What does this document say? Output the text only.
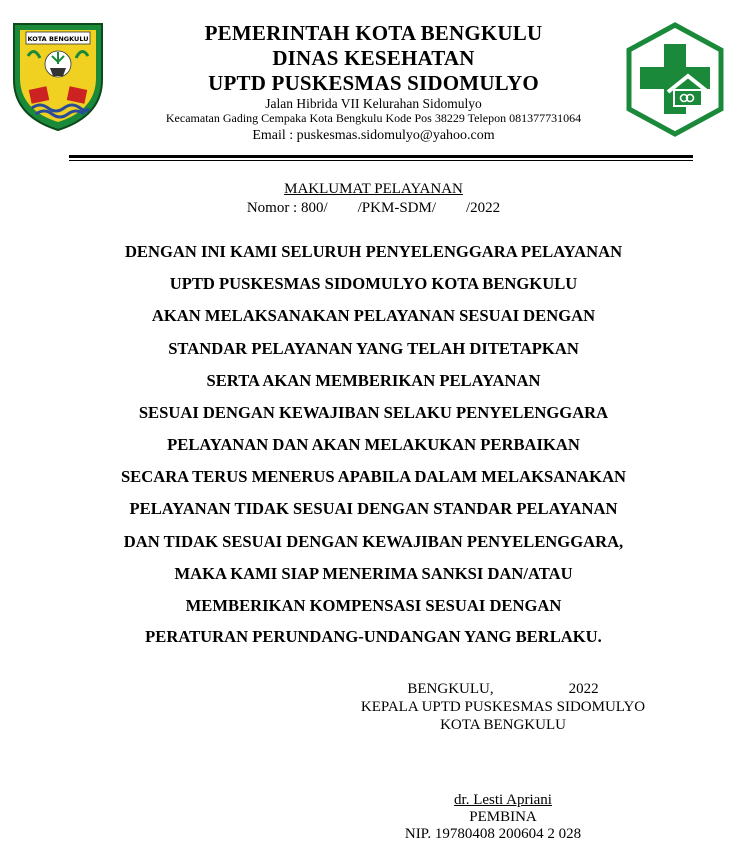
KOTA BENGKULU	PEMERINTAH KOTA BENGKULU
DINAS KESEHATAN
UPTD PUSKESMAS SIDOMULYO
Jalan Hibrida VII Kelurahan Sidomulyo
Kecamatan Gading Cempaka Kota Bengkulu Kode Pos 38229 Telepon 081377731064
Email : puskesmas.sidomulyo@yahoo.com
MAKLUMAT PELAYANAN
Nomor : 800/        /PKM-SDM/        /2022
DENGAN INI KAMI SELURUH PENYELENGGARA PELAYANAN
UPTD PUSKESMAS SIDOMULYO KOTA BENGKULU
AKAN MELAKSANAKAN PELAYANAN SESUAI DENGAN
STANDAR PELAYANAN YANG TELAH DITETAPKAN
SERTA AKAN MEMBERIKAN PELAYANAN
SESUAI DENGAN KEWAJIBAN SELAKU PENYELENGGARA
PELAYANAN DAN AKAN MELAKUKAN PERBAIKAN
SECARA TERUS MENERUS APABILA DALAM MELAKSANAKAN
PELAYANAN TIDAK SESUAI DENGAN STANDAR PELAYANAN
DAN TIDAK SESUAI DENGAN KEWAJIBAN PENYELENGGARA,
MAKA KAMI SIAP MENERIMA SANKSI DAN/ATAU
MEMBERIKAN KOMPENSASI SESUAI DENGAN
PERATURAN PERUNDANG-UNDANGAN YANG BERLAKU.
BENGKULU,                    2022
KEPALA UPTD PUSKESMAS SIDOMULYO
KOTA BENGKULU
dr. Lesti Apriani
PEMBINA
NIP. 19780408 200604 2 028
